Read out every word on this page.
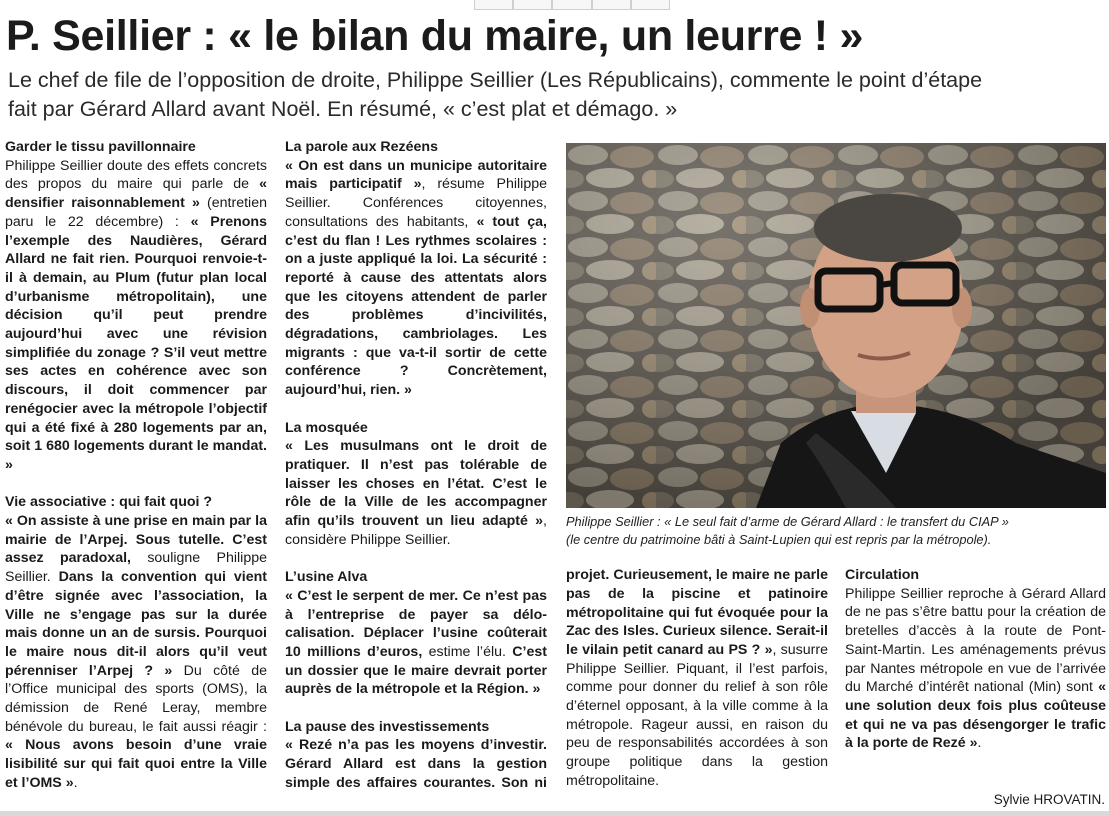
P. Seillier : « le bilan du maire, un leurre ! »

Le chef de file de l’opposition de droite, Philippe Seillier (Les Républicains), commente le point d’étape fait par Gérard Allard avant Noël. En résumé, « c’est plat et démago. »

Garder le tissu pavillonnaire

Philippe Seillier doute des effets concrets des propos du maire qui parle de « densifier raisonnablement » (entretien paru le 22 décembre) : « Prenons l’exemple des Naudières, Gérard Allard ne fait rien. Pourquoi renvoie-t-il à demain, au Plum (futur plan local d’urbanisme métropolitain), une décision qu’il peut prendre aujourd’hui avec une révision simplifiée du zonage ? S’il veut mettre ses actes en cohérence avec son discours, il doit commencer par renégocier avec la métropole l’objectif qui a été fixé à 280 logements par an, soit 1 680 logements durant le mandat. »

Vie associative : qui fait quoi ?

« On assiste à une prise en main par la mairie de l’Arpej. Sous tutelle. C’est assez paradoxal, souligne Philippe Seillier. Dans la convention qui vient d’être signée avec l’association, la Ville ne s’engage pas sur la durée mais donne un an de sursis. Pourquoi le maire nous dit-il alors qu’il veut pérenniser l’Arpej ? » Du côté de l’Office municipal des sports (OMS), la démission de René Leray, membre bénévole du bureau, le fait aussi réagir : « Nous avons besoin d’une vraie lisibilité sur qui fait quoi entre la Ville et l’OMS ».

La parole aux Rezéens

« On est dans un municipe autoritaire mais participatif », résume Philippe Seillier. Conférences citoyennes, consultations des habitants, « tout ça, c’est du flan ! Les rythmes scolaires : on a juste appliqué la loi. La sécurité : reporté à cause des attentats alors que les citoyens attendent de parler des problèmes d’incivilités, dégradations, cambriolages. Les migrants : que va-t-il sortir de cette conférence ? Concrètement, aujourd’hui, rien. »

La mosquée

« Les musulmans ont le droit de pratiquer. Il n’est pas tolérable de laisser les choses en l’état. C’est le rôle de la Ville de les accompagner afin qu’ils trouvent un lieu adapté », considère Philippe Seillier.

L’usine Alva

« C’est le serpent de mer. Ce n’est pas à l’entreprise de payer sa délocalisation. Déplacer l’usine coûterait 10 millions d’euros, estime l’élu. C’est un dossier que le maire devrait porter auprès de la métropole et la Région. »

La pause des investissements

« Rezé n’a pas les moyens d’investir. Gérard Allard est dans la gestion simple des affaires courantes. Son ni

Philippe Seillier : « Le seul fait d’arme de Gérard Allard : le transfert du CIAP »
(le centre du patrimoine bâti à Saint-Lupien qui est repris par la métropole).

projet. Curieusement, le maire ne parle pas de la piscine et patinoire métropolitaine qui fut évoquée pour la Zac des Isles. Curieux silence. Serait-il le vilain petit canard au PS ? », susurre Philippe Seillier. Piquant, il l’est parfois, comme pour donner du relief à son rôle d’éternel opposant, à la ville comme à la métropole. Rageur aussi, en raison du peu de responsabilités accordées à son groupe politique dans la gestion métropolitaine.

Circulation

Philippe Seillier reproche à Gérard Allard de ne pas s’être battu pour la création de bretelles d’accès à la route de Pont-Saint-Martin. Les aménagements prévus par Nantes métropole en vue de l’arrivée du Marché d’intérêt national (Min) sont « une solution deux fois plus coûteuse et qui ne va pas désengorger le trafic à la porte de Rezé ».

Sylvie HROVATIN.
